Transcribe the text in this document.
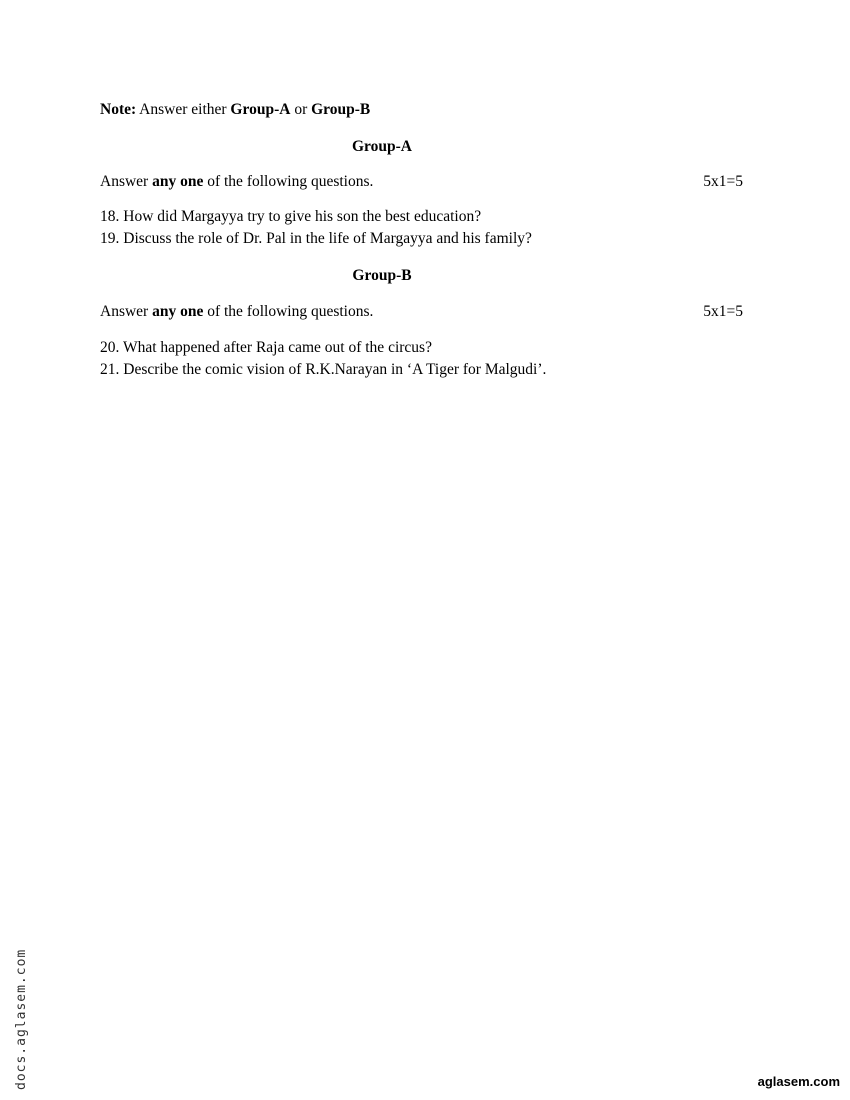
Note: Answer either Group-A or Group-B
Group-A
Answer any one of the following questions.	5x1=5
18. How did Margayya try to give his son the best education?
19. Discuss the role of Dr. Pal in the life of Margayya and his family?
Group-B
Answer any one of the following questions.	5x1=5
20. What happened after Raja came out of the circus?
21. Describe the comic vision of R.K.Narayan in ‘A Tiger for Malgudi’.
docs.aglasem.com	aglasem.com
